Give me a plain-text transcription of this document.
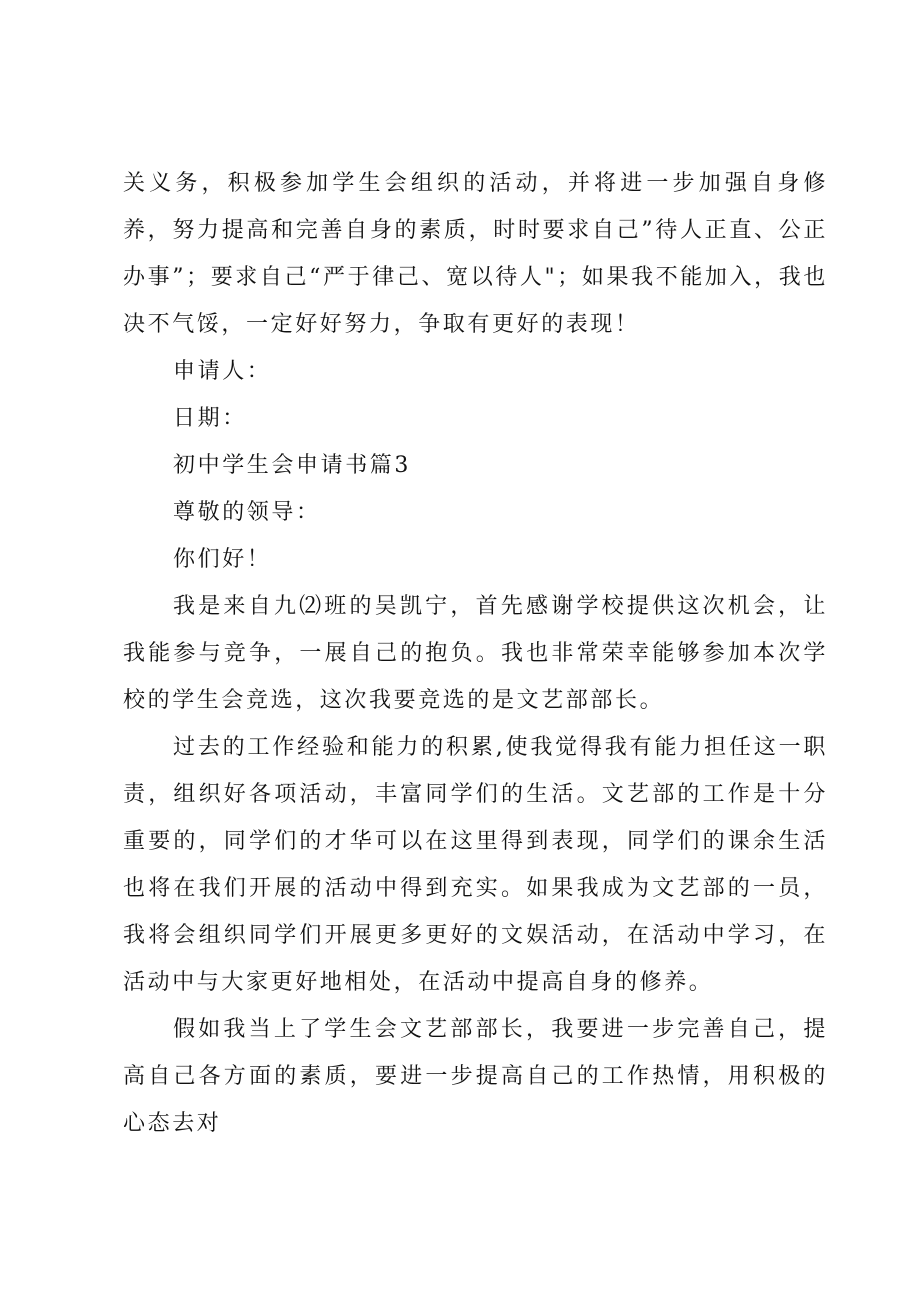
关义务，积极参加学生会组织的活动，并将进一步加强自身修养，努力提高和完善自身的素质，时时要求自己”待人正直、公正办事”；要求自己“严于律己、宽以待人"；如果我不能加入，我也决不气馁，一定好好努力，争取有更好的表现！

申请人：

日期：

初中学生会申请书篇3

尊敬的领导：

你们好！

我是来自九⑵班的吴凯宁，首先感谢学校提供这次机会，让我能参与竞争，一展自己的抱负。我也非常荣幸能够参加本次学校的学生会竞选，这次我要竞选的是文艺部部长。

过去的工作经验和能力的积累,使我觉得我有能力担任这一职责，组织好各项活动，丰富同学们的生活。文艺部的工作是十分重要的，同学们的才华可以在这里得到表现，同学们的课余生活也将在我们开展的活动中得到充实。如果我成为文艺部的一员，我将会组织同学们开展更多更好的文娱活动，在活动中学习，在活动中与大家更好地相处，在活动中提高自身的修养。

假如我当上了学生会文艺部部长，我要进一步完善自己，提高自己各方面的素质，要进一步提高自己的工作热情，用积极的心态去对
